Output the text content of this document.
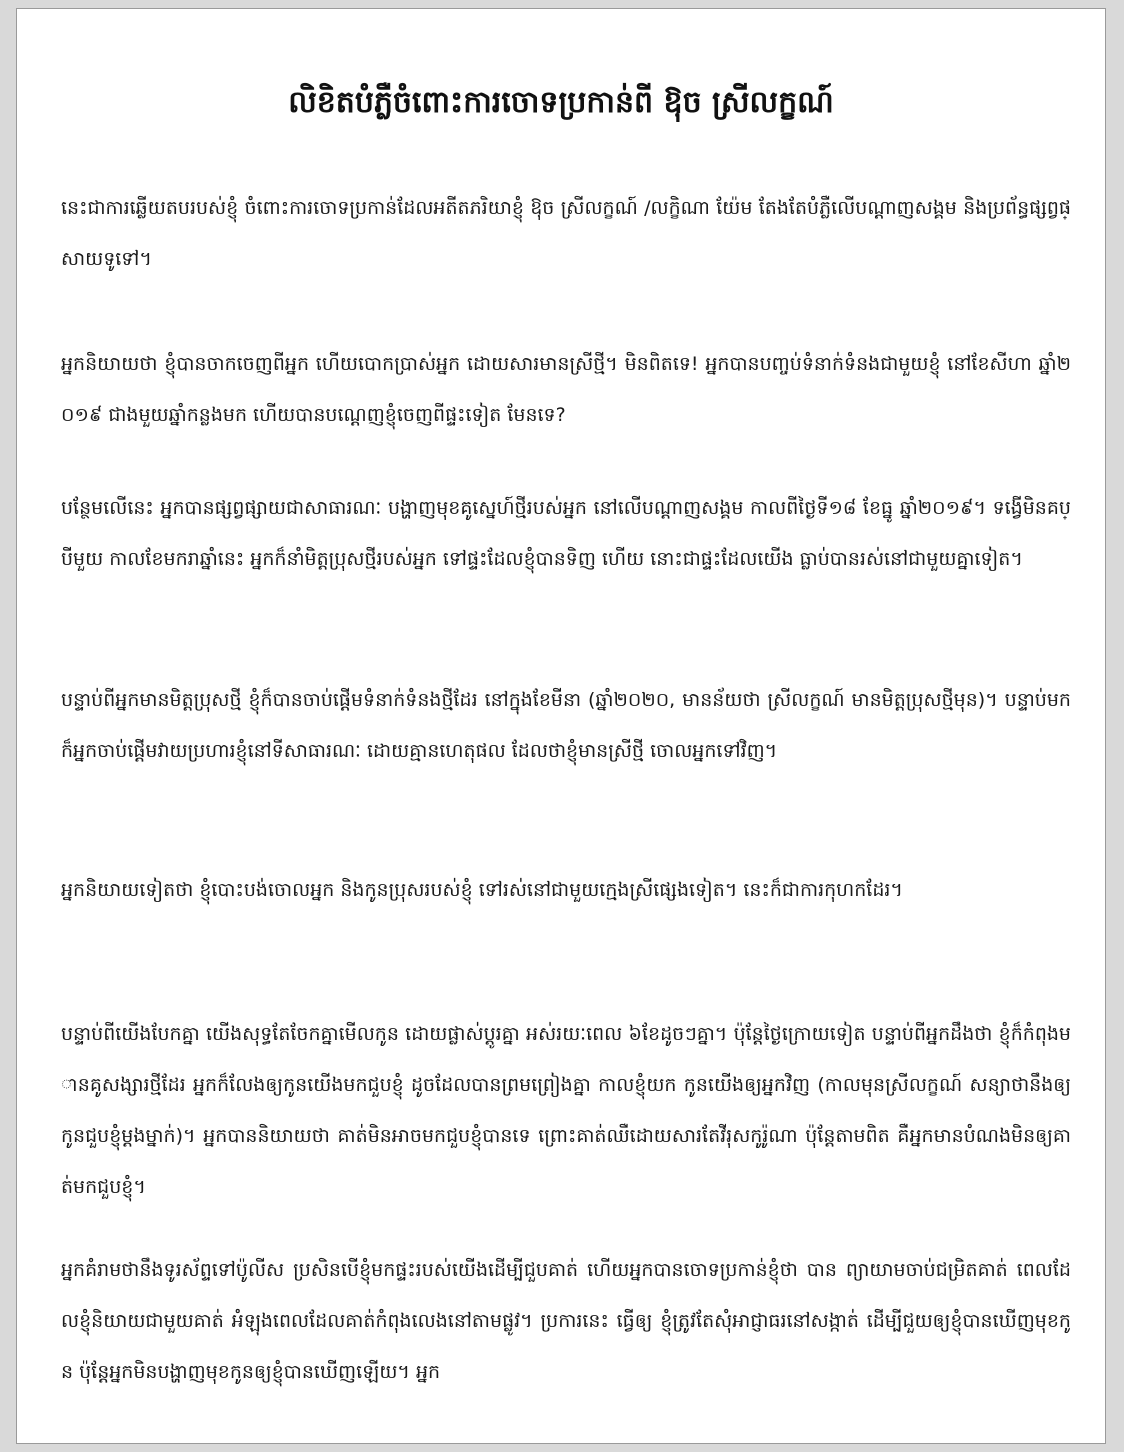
លិខិតបំភ្លឺចំពោះការចោទប្រកាន់ពី ឱុច ស្រីលក្ខណ៍

នេះជាការឆ្លើយតបរបស់ខ្ញុំ ចំពោះការចោទប្រកាន់ដែលអតីតភរិយាខ្ញុំ ឱុច ស្រីលក្ខណ៍ /លក្ខិណា យ៉ែម តែងតែបំភ្លឺលើបណ្តាញសង្គម និងប្រព័ន្ធផ្សព្វផ្សាយទូទៅ។

អ្នកនិយាយថា ខ្ញុំបានចាកចេញពីអ្នក ហើយបោកប្រាស់អ្នក ដោយសារមានស្រីថ្មី។ មិនពិតទេ! អ្នកបានបញ្ចប់ទំនាក់ទំនងជាមួយខ្ញុំ នៅខែសីហា ឆ្នាំ២០១៩ ជាងមួយឆ្នាំកន្លងមក ហើយបានបណ្តេញខ្ញុំចេញពីផ្ទះទៀត មែនទេ?

បន្ថែមលើនេះ អ្នកបានផ្សព្វផ្សាយជាសាធារណៈ បង្ហាញមុខគូស្នេហ៍ថ្មីរបស់អ្នក នៅលើបណ្តាញសង្គម កាលពីថ្ងៃទី១៨ ខែធ្នូ ឆ្នាំ២០១៩។ ទង្វើមិនគប្បីមួយ កាលខែមករាឆ្នាំនេះ អ្នកក៏នាំមិត្តប្រុសថ្មីរបស់អ្នក ទៅផ្ទះដែលខ្ញុំបានទិញ ហើយ នោះជាផ្ទះដែលយើង ធ្លាប់បានរស់នៅជាមួយគ្នាទៀត។

បន្ទាប់ពីអ្នកមានមិត្តប្រុសថ្មី ខ្ញុំក៏បានចាប់ផ្តើមទំនាក់ទំនងថ្មីដែរ នៅក្នុងខែមីនា (ឆ្នាំ២០២០, មានន័យថា ស្រីលក្ខណ៍ មានមិត្តប្រុសថ្មីមុន)។ បន្ទាប់មក ក៏អ្នកចាប់ផ្តើមវាយប្រហារខ្ញុំនៅទីសាធារណៈ ដោយគ្មានហេតុផល ដែលថាខ្ញុំមានស្រីថ្មី ចោលអ្នកទៅវិញ។

អ្នកនិយាយទៀតថា ខ្ញុំបោះបង់ចោលអ្នក និងកូនប្រុសរបស់ខ្ញុំ ទៅរស់នៅជាមួយក្មេងស្រីផ្សេងទៀត។ នេះក៏ជាការកុហកដែរ។

បន្ទាប់ពីយើងបែកគ្នា យើងសុទ្ធតែចែកគ្នាមើលកូន ដោយផ្លាស់ប្តូរគ្នា អស់រយៈពេល ៦ខែដូចៗគ្នា។ ប៉ុន្តែថ្ងៃក្រោយទៀត បន្ទាប់ពីអ្នកដឹងថា ខ្ញុំក៏កំពុងមានគូសង្សារថ្មីដែរ អ្នកក៏លែងឲ្យកូនយើងមកជួបខ្ញុំ ដូចដែលបានព្រមព្រៀងគ្នា កាលខ្ញុំយក កូនយើងឲ្យអ្នកវិញ (កាលមុនស្រីលក្ខណ៍ សន្យាថានឹងឲ្យកូនជួបខ្ញុំម្តងម្នាក់)។ អ្នកបាននិយាយថា គាត់មិនអាចមកជួបខ្ញុំបានទេ ព្រោះគាត់ឈឺដោយសារតែវីរុសកូរ៉ូណា ប៉ុន្តែតាមពិត គឺអ្នកមានបំណងមិនឲ្យគាត់មកជួបខ្ញុំ។

អ្នកគំរាមថានឹងទូរស័ព្ទទៅប៉ូលីស ប្រសិនបើខ្ញុំមកផ្ទះរបស់យើងដើម្បីជួបគាត់ ហើយអ្នកបានចោទប្រកាន់ខ្ញុំថា បាន ព្យាយាមចាប់ជម្រិតគាត់ ពេលដែលខ្ញុំនិយាយជាមួយគាត់ អំឡុងពេលដែលគាត់កំពុងលេងនៅតាមផ្លូវ។ ប្រការនេះ ធ្វើឲ្យ ខ្ញុំត្រូវតែសុំអាជ្ញាធរនៅសង្កាត់ ដើម្បីជួយឲ្យខ្ញុំបានឃើញមុខកូន ប៉ុន្តែអ្នកមិនបង្ហាញមុខកូនឲ្យខ្ញុំបានឃើញឡើយ។ អ្នក
